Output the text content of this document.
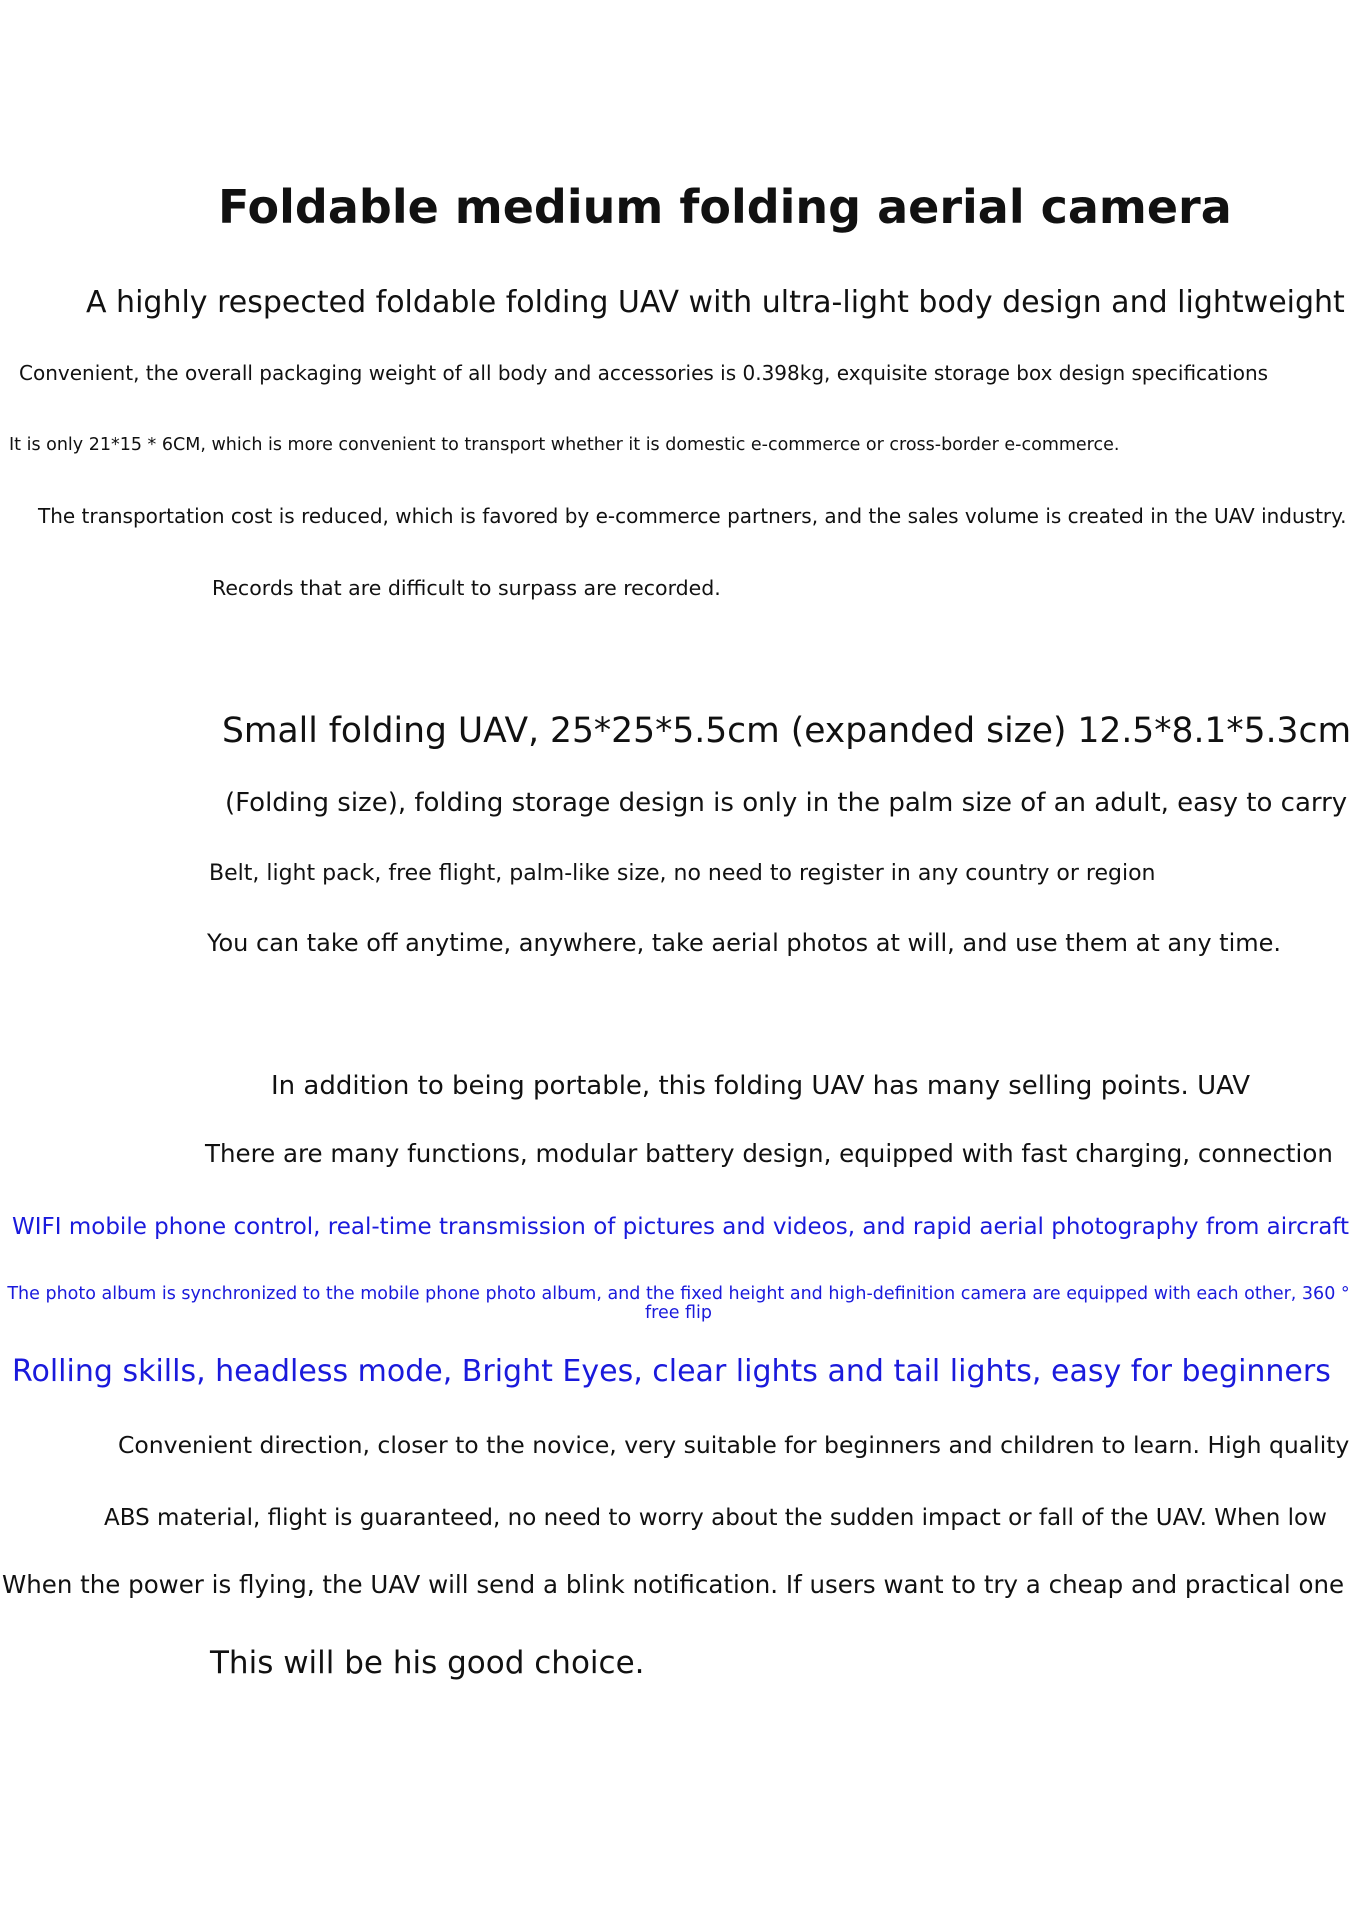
Foldable medium folding aerial camera

A highly respected foldable folding UAV with ultra-light body design and lightweight

Convenient, the overall packaging weight of all body and accessories is 0.398kg, exquisite storage box design specifications

It is only 21*15 * 6CM, which is more convenient to transport whether it is domestic e-commerce or cross-border e-commerce.

The transportation cost is reduced, which is favored by e-commerce partners, and the sales volume is created in the UAV industry.

Records that are difficult to surpass are recorded.

Small folding UAV, 25*25*5.5cm (expanded size) 12.5*8.1*5.3cm

(Folding size), folding storage design is only in the palm size of an adult, easy to carry

Belt, light pack, free flight, palm-like size, no need to register in any country or region

You can take off anytime, anywhere, take aerial photos at will, and use them at any time.

In addition to being portable, this folding UAV has many selling points. UAV

There are many functions, modular battery design, equipped with fast charging, connection

WIFI mobile phone control, real-time transmission of pictures and videos, and rapid aerial photography from aircraft

The photo album is synchronized to the mobile phone photo album, and the fixed height and high-definition camera are equipped with each other, 360 ° free flip

Rolling skills, headless mode, Bright Eyes, clear lights and tail lights, easy for beginners

Convenient direction, closer to the novice, very suitable for beginners and children to learn. High quality

ABS material, flight is guaranteed, no need to worry about the sudden impact or fall of the UAV. When low

When the power is flying, the UAV will send a blink notification. If users want to try a cheap and practical one

This will be his good choice.
